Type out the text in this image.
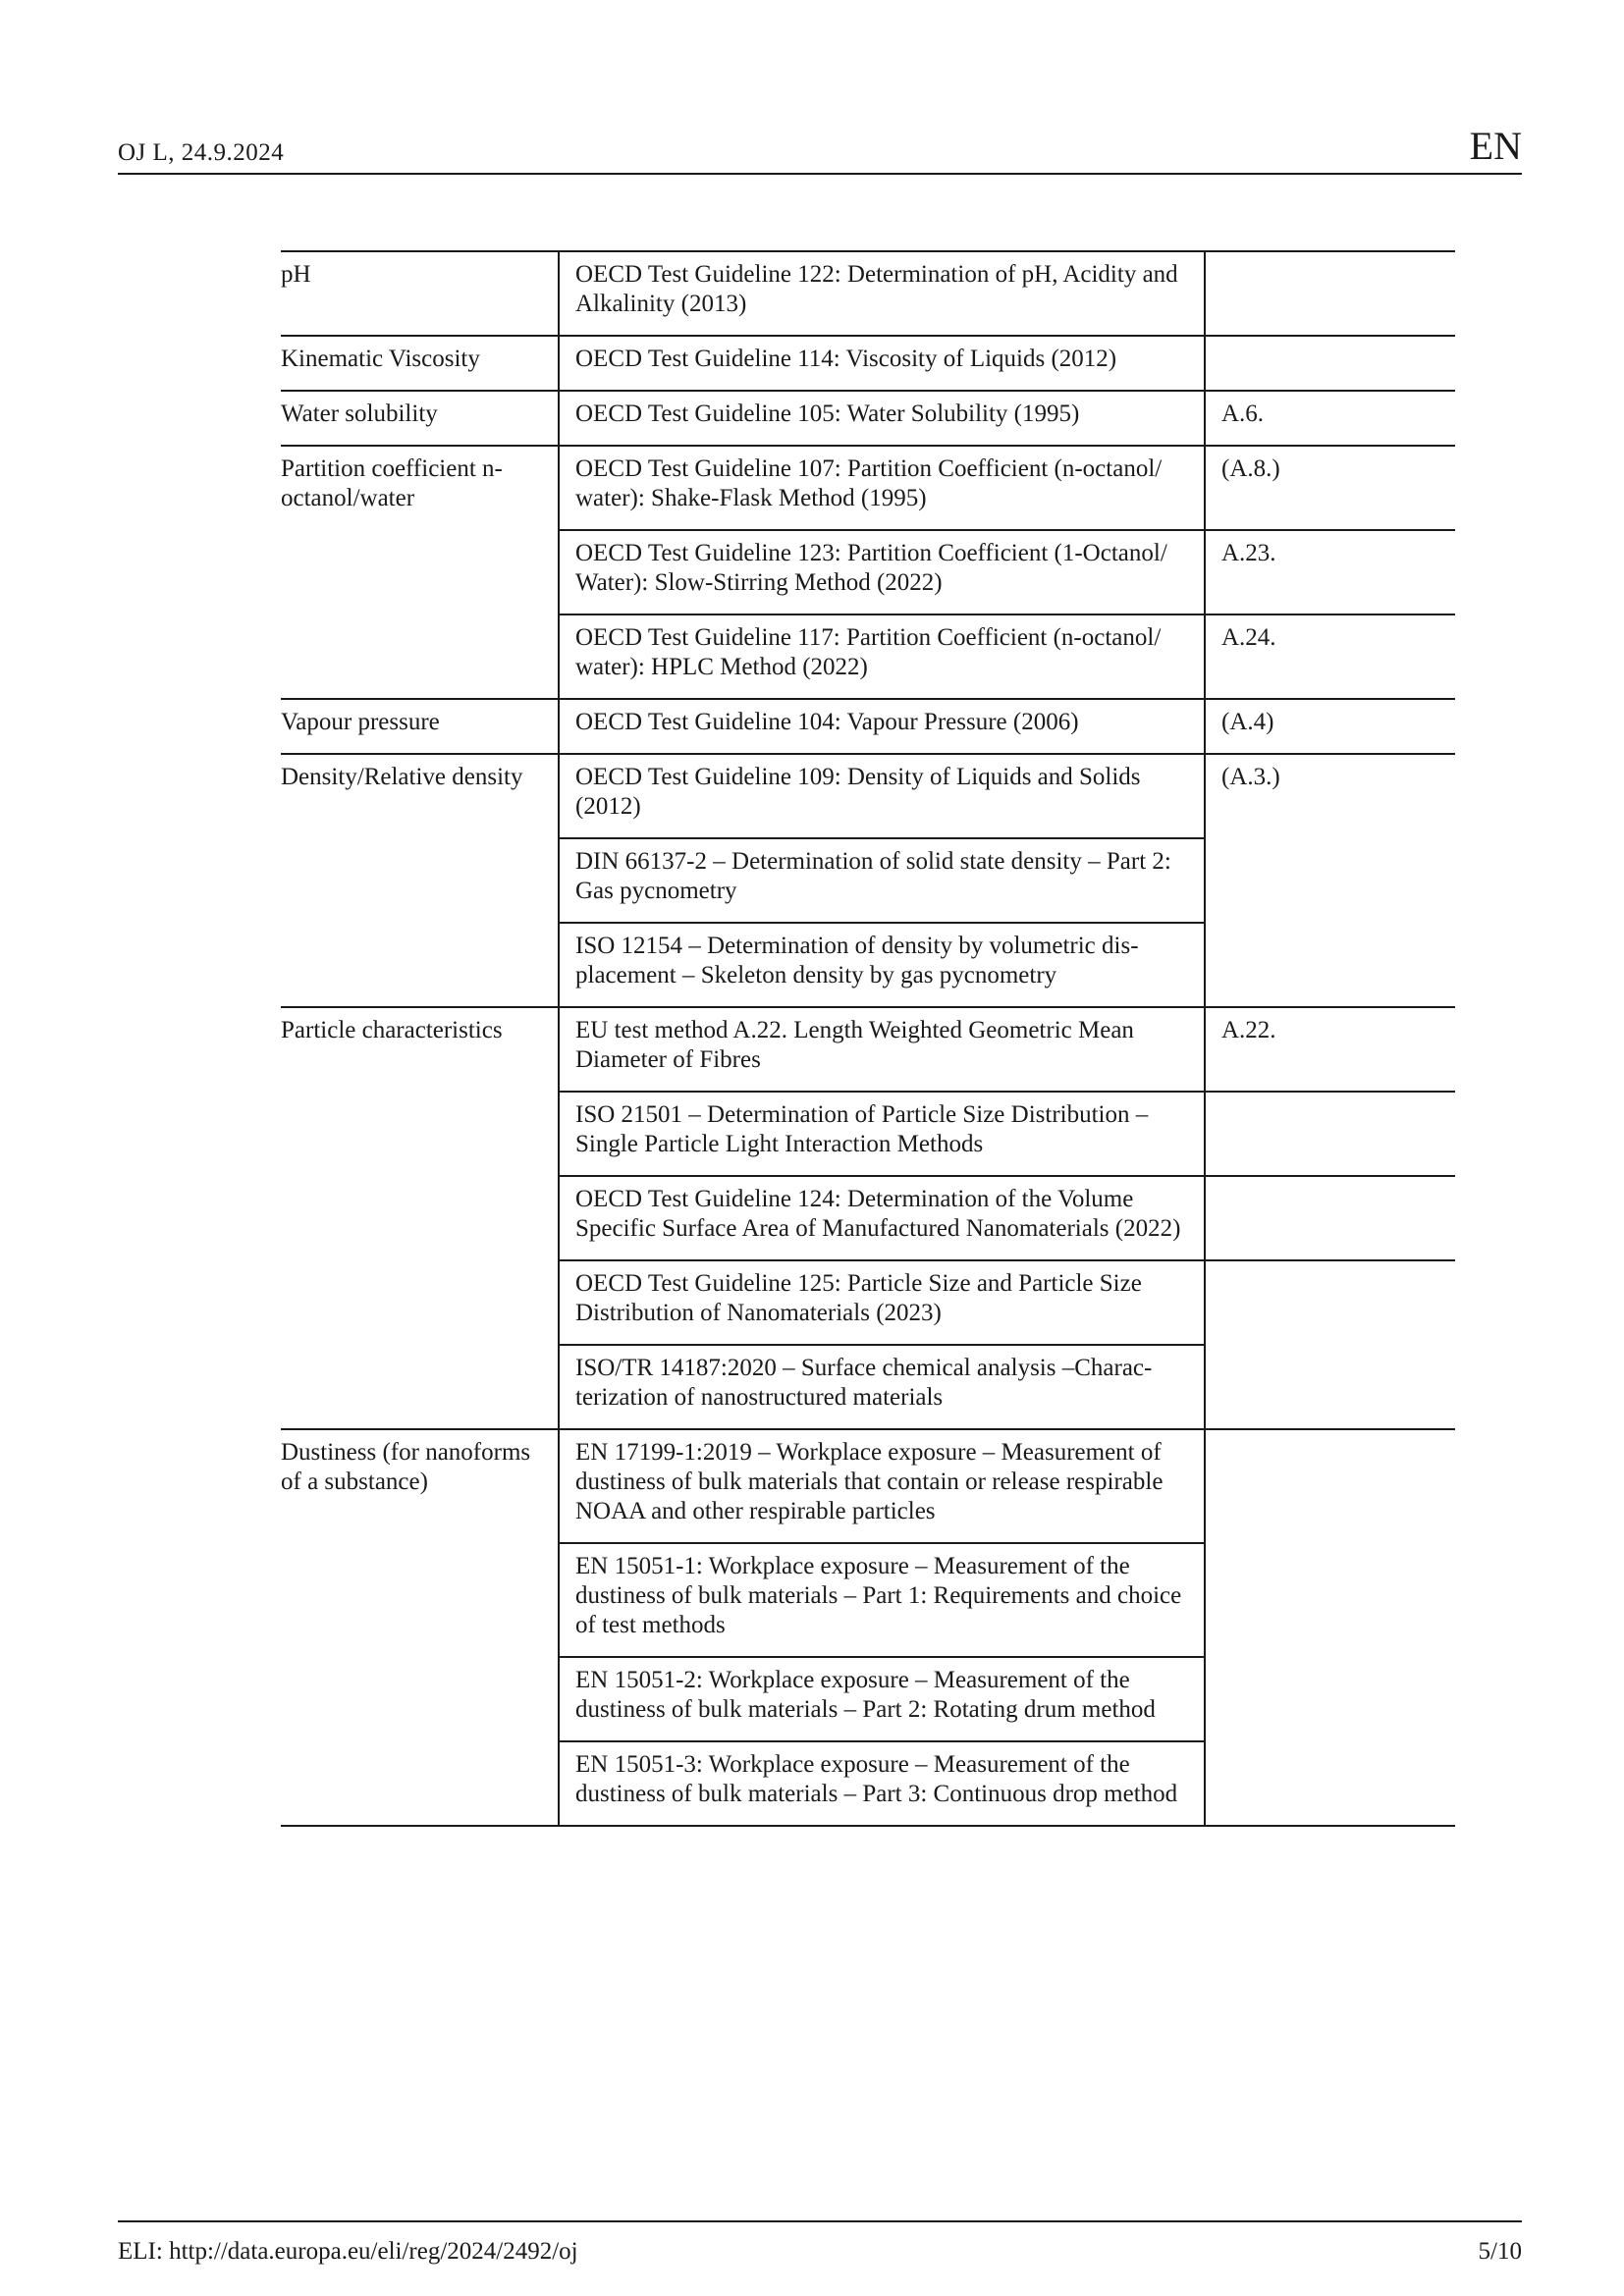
OJ L, 24.9.2024	EN
pH	OECD Test Guideline 122: Determination of pH, Acidity and Alkalinity (2013)	
Kinematic Viscosity	OECD Test Guideline 114: Viscosity of Liquids (2012)	
Water solubility	OECD Test Guideline 105: Water Solubility (1995)	A.6.
Partition coefficient n-octanol/water	OECD Test Guideline 107: Partition Coefficient (n-octanol/ water): Shake-Flask Method (1995)	(A.8.)
	OECD Test Guideline 123: Partition Coefficient (1-Octanol/ Water): Slow-Stirring Method (2022)	A.23.
	OECD Test Guideline 117: Partition Coefficient (n-octanol/ water): HPLC Method (2022)	A.24.
Vapour pressure	OECD Test Guideline 104: Vapour Pressure (2006)	(A.4)
Density/Relative density	OECD Test Guideline 109: Density of Liquids and Solids (2012)	(A.3.)
	DIN 66137-2 – Determination of solid state density – Part 2: Gas pycnometry	
	ISO 12154 – Determination of density by volumetric dis-placement – Skeleton density by gas pycnometry	
Particle characteristics	EU test method A.22. Length Weighted Geometric Mean Diameter of Fibres	A.22.
	ISO 21501 – Determination of Particle Size Distribution – Single Particle Light Interaction Methods	
	OECD Test Guideline 124: Determination of the Volume Specific Surface Area of Manufactured Nanomaterials (2022)	
	OECD Test Guideline 125: Particle Size and Particle Size Distribution of Nanomaterials (2023)	
	ISO/TR 14187:2020 – Surface chemical analysis –Charac-terization of nanostructured materials	
Dustiness (for nanoforms of a substance)	EN 17199-1:2019 – Workplace exposure – Measurement of dustiness of bulk materials that contain or release respirable NOAA and other respirable particles	
	EN 15051-1: Workplace exposure – Measurement of the dustiness of bulk materials – Part 1: Requirements and choice of test methods	
	EN 15051-2: Workplace exposure – Measurement of the dustiness of bulk materials – Part 2: Rotating drum method	
	EN 15051-3: Workplace exposure – Measurement of the dustiness of bulk materials – Part 3: Continuous drop method	
ELI: http://data.europa.eu/eli/reg/2024/2492/oj	5/10
